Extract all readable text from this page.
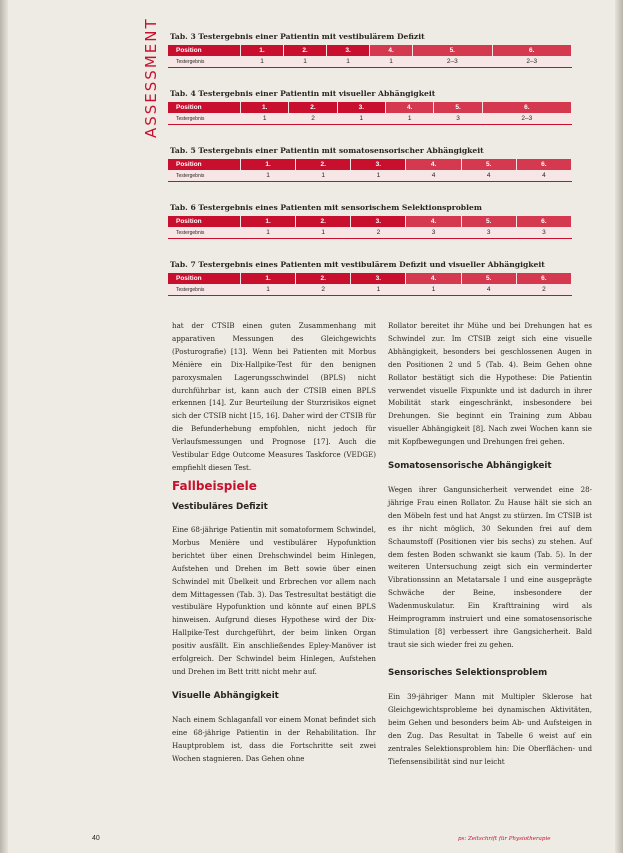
ASSESSMENT Tab. 3 Testergebnis einer Patientin mit vestibulärem Defizit
Position	1.	2.	3.	4.	5.	6.
Testergebnis	1	1	1	1	2–3	2–3
Tab. 4 Testergebnis einer Patientin mit visueller Abhängigkeit
Position	1.	2.	3.	4.	5.	6.
Testergebnis	1	2	1	1	3	2–3
Tab. 5 Testergebnis einer Patientin mit somatosensorischer Abhängigkeit
Position	1.	2.	3.	4.	5.	6.
Testergebnis	1	1	1	4	4	4
Tab. 6 Testergebnis eines Patienten mit sensorischem Selektionsproblem
Position	1.	2.	3.	4.	5.	6.
Testergebnis	1	1	2	3	3	3
Tab. 7 Testergebnis eines Patienten mit vestibulärem Defizit und visueller Abhängigkeit
Position	1.	2.	3.	4.	5.	6.
Testergebnis	1	2	1	1	4	2

hat der CTSIB einen guten Zusammenhang mit apparativen Messungen des Gleichgewichts (Posturografie) [13]. Wenn bei Patienten mit Morbus Ménière ein Dix-Hallpike-Test für den benignen paroxysmalen Lagerungsschwindel (BPLS) nicht durchführbar ist, kann auch der CTSIB einen BPLS erkennen [14]. Zur Beurteilung der Sturzrisikos eignet sich der CTSIB nicht [15, 16]. Daher wird der CTSIB für die Befunderhebung empfohlen, nicht jedoch für Verlaufsmessungen und Prognose [17]. Auch die Vestibular Edge Outcome Measures Taskforce (VEDGE) empfiehlt diesen Test.

Fallbeispiele
Vestibuläres Defizit

Eine 68-jährige Patientin mit somatoformem Schwindel, Morbus Menière und vestibulärer Hypofunktion berichtet über einen Drehschwindel beim Hinlegen, Aufstehen und Drehen im Bett sowie über einen Schwindel mit Übelkeit und Erbrechen vor allem nach dem Mittagessen (Tab. 3). Das Testresultat bestätigt die vestibuläre Hypofunktion und könnte auf einen BPLS hinweisen. Aufgrund dieses Hypothese wird der Dix-Hallpike-Test durchgeführt, der beim linken Organ positiv ausfällt. Ein anschließendes Epley-Manöver ist erfolgreich. Der Schwindel beim Hinlegen, Aufstehen und Drehen im Bett tritt nicht mehr auf.

Visuelle Abhängigkeit

Nach einem Schlaganfall vor einem Monat befindet sich eine 68-jährige Patientin in der Rehabilitation. Ihr Hauptproblem ist, dass die Fortschritte seit zwei Wochen stagnieren. Das Gehen ohne

Rollator bereitet ihr Mühe und bei Drehungen hat es Schwindel zur. Im CTSIB zeigt sich eine visuelle Abhängigkeit, besonders bei geschlossenen Augen in den Positionen 2 und 5 (Tab. 4). Beim Gehen ohne Rollator bestätigt sich die Hypothese: Die Patientin verwendet visuelle Fixpunkte und ist dadurch in ihrer Mobilität stark eingeschränkt, insbesondere bei Drehungen. Sie beginnt ein Training zum Abbau visueller Abhängigkeit [8]. Nach zwei Wochen kann sie mit Kopfbewegungen und Drehungen frei gehen.

Somatosensorische Abhängigkeit

Wegen ihrer Gangunsicherheit verwendet eine 28-jährige Frau einen Rollator. Zu Hause hält sie sich an den Möbeln fest und hat Angst zu stürzen. Im CTSIB ist es ihr nicht möglich, 30 Sekunden frei auf dem Schaumstoff (Positionen vier bis sechs) zu stehen. Auf dem festen Boden schwankt sie kaum (Tab. 5). In der weiteren Untersuchung zeigt sich ein verminderter Vibrationssinn an Metatarsale I und eine ausgeprägte Schwäche der Beine, insbesondere der Wadenmuskulatur. Ein Krafttraining wird als Heimprogramm instruiert und eine somatosensorische Stimulation [8] verbessert ihre Gangsicherheit. Bald traut sie sich wieder frei zu gehen.

Sensorisches Selektionsproblem

Ein 39-jähriger Mann mit Multipler Sklerose hat Gleichgewichtsprobleme bei dynamischen Aktivitäten, beim Gehen und besonders beim Ab- und Aufsteigen in den Zug. Das Resultat in Tabelle 6 weist auf ein zentrales Selektionsproblem hin: Die Oberflächen- und Tiefensensibilität sind nur leicht

40	ps: Zeitschrift für Physiotherapie
